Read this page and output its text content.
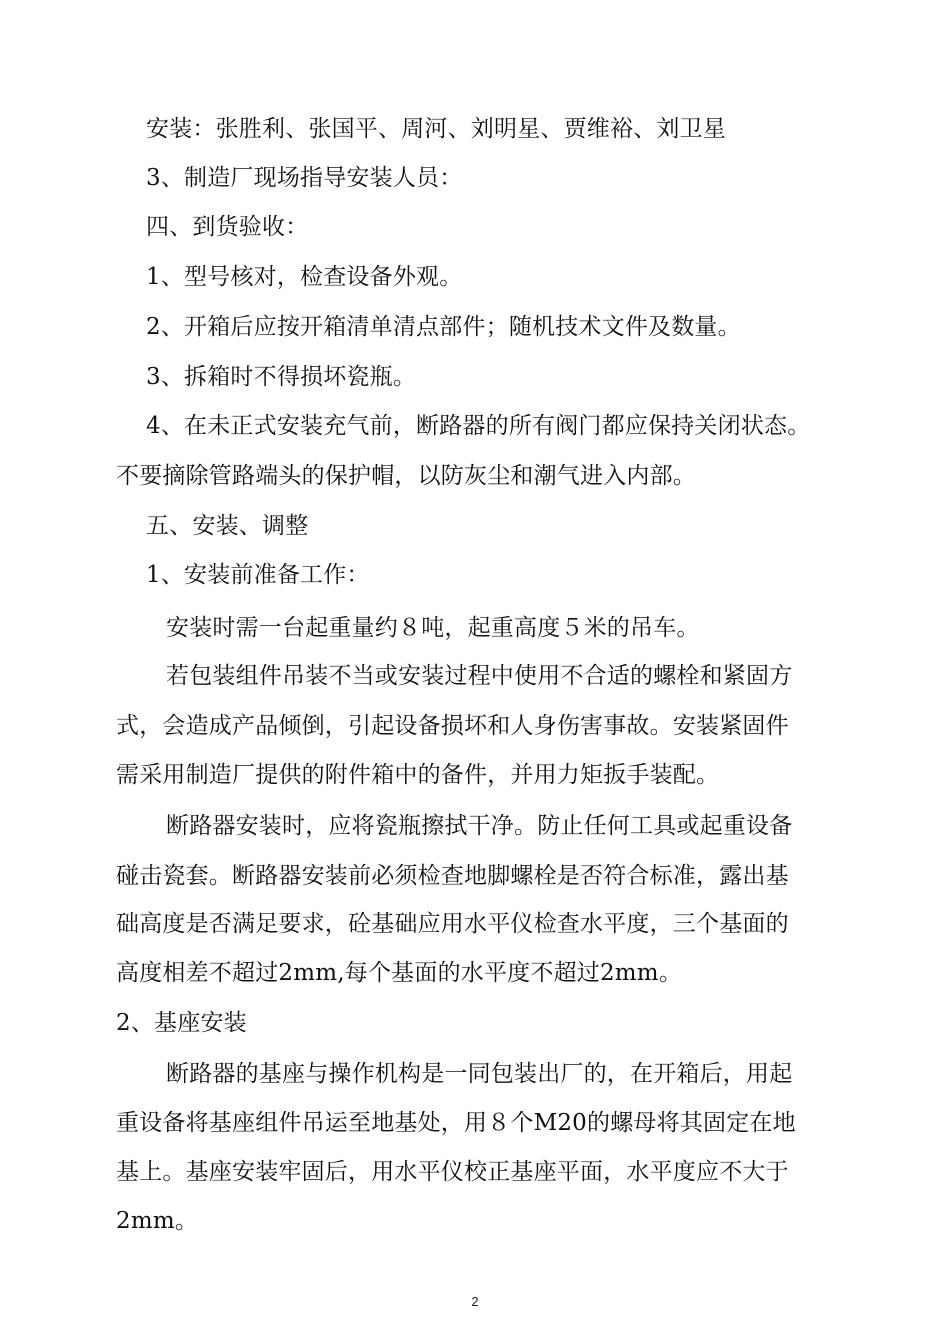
安装：张胜利、张国平、周河、刘明星、贾维裕、刘卫星
3、制造厂现场指导安装人员：
四、到货验收：
1、型号核对，检查设备外观。
2、开箱后应按开箱清单清点部件；随机技术文件及数量。
3、拆箱时不得损坏瓷瓶。
4、在未正式安装充气前，断路器的所有阀门都应保持关闭状态。
不要摘除管路端头的保护帽，以防灰尘和潮气进入内部。
五、安装、调整
1、安装前准备工作：
安装时需一台起重量约８吨，起重高度５米的吊车。
若包装组件吊装不当或安装过程中使用不合适的螺栓和紧固方
式，会造成产品倾倒，引起设备损坏和人身伤害事故。安装紧固件
需采用制造厂提供的附件箱中的备件，并用力矩扳手装配。
断路器安装时，应将瓷瓶擦拭干净。防止任何工具或起重设备
碰击瓷套。断路器安装前必须检查地脚螺栓是否符合标准，露出基
础高度是否满足要求，砼基础应用水平仪检查水平度，三个基面的
高度相差不超过2mm,每个基面的水平度不超过2mm。
2、基座安装
断路器的基座与操作机构是一同包装出厂的，在开箱后，用起
重设备将基座组件吊运至地基处，用８个M20的螺母将其固定在地
基上。基座安装牢固后，用水平仪校正基座平面，水平度应不大于
2mm。
2
